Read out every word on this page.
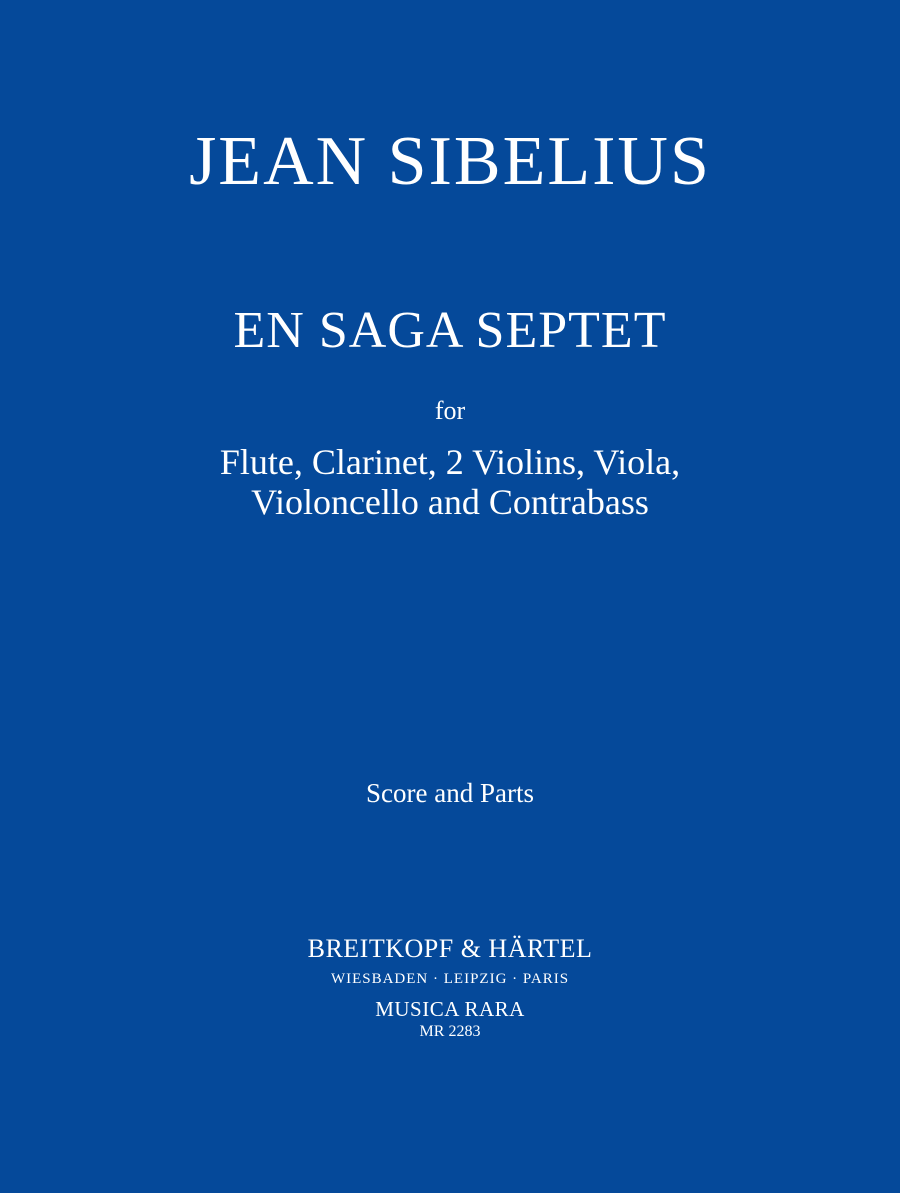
JEAN SIBELIUS
EN SAGA SEPTET

for

Flute, Clarinet, 2 Violins, Viola,

Violoncello and Contrabass

Score and Parts

BREITKOPF & HÄRTEL

WIESBADEN · LEIPZIG · PARIS

MUSICA RARA

MR 2283
